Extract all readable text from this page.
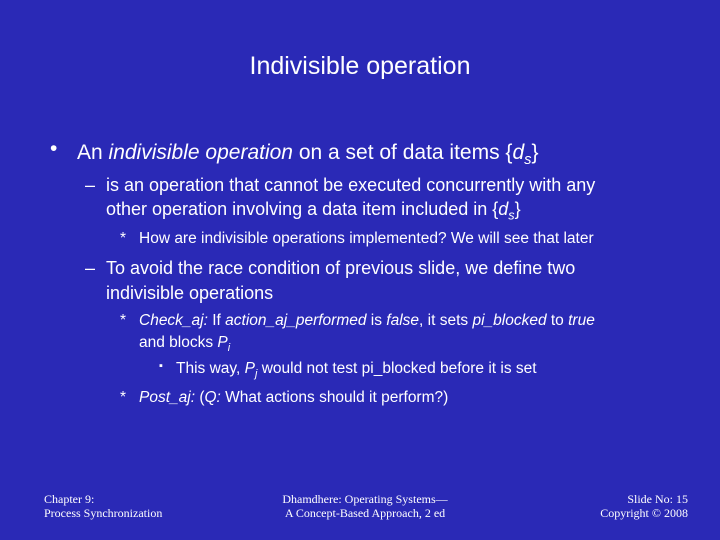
Indivisible operation
• An indivisible operation on a set of data items $\{d_s\}$
– is an operation that cannot be executed concurrently with any
other operation involving a data item included in $\{d_s\}$
* How are indivisible operations implemented? We will see that later
– To avoid the race condition of previous slide, we define two
indivisible operations
* Check_aj: If action_aj_performed is false, it sets pi_blocked to true
and blocks $P_i$
▪ This way, $P_j$ would not test pi_blocked before it is set
* Post_aj: (Q: What actions should it perform?)
Chapter 9:
Process Synchronization
Dhamdhere: Operating Systems—
A Concept-Based Approach, 2 ed
Slide No: 15
Copyright © 2008
